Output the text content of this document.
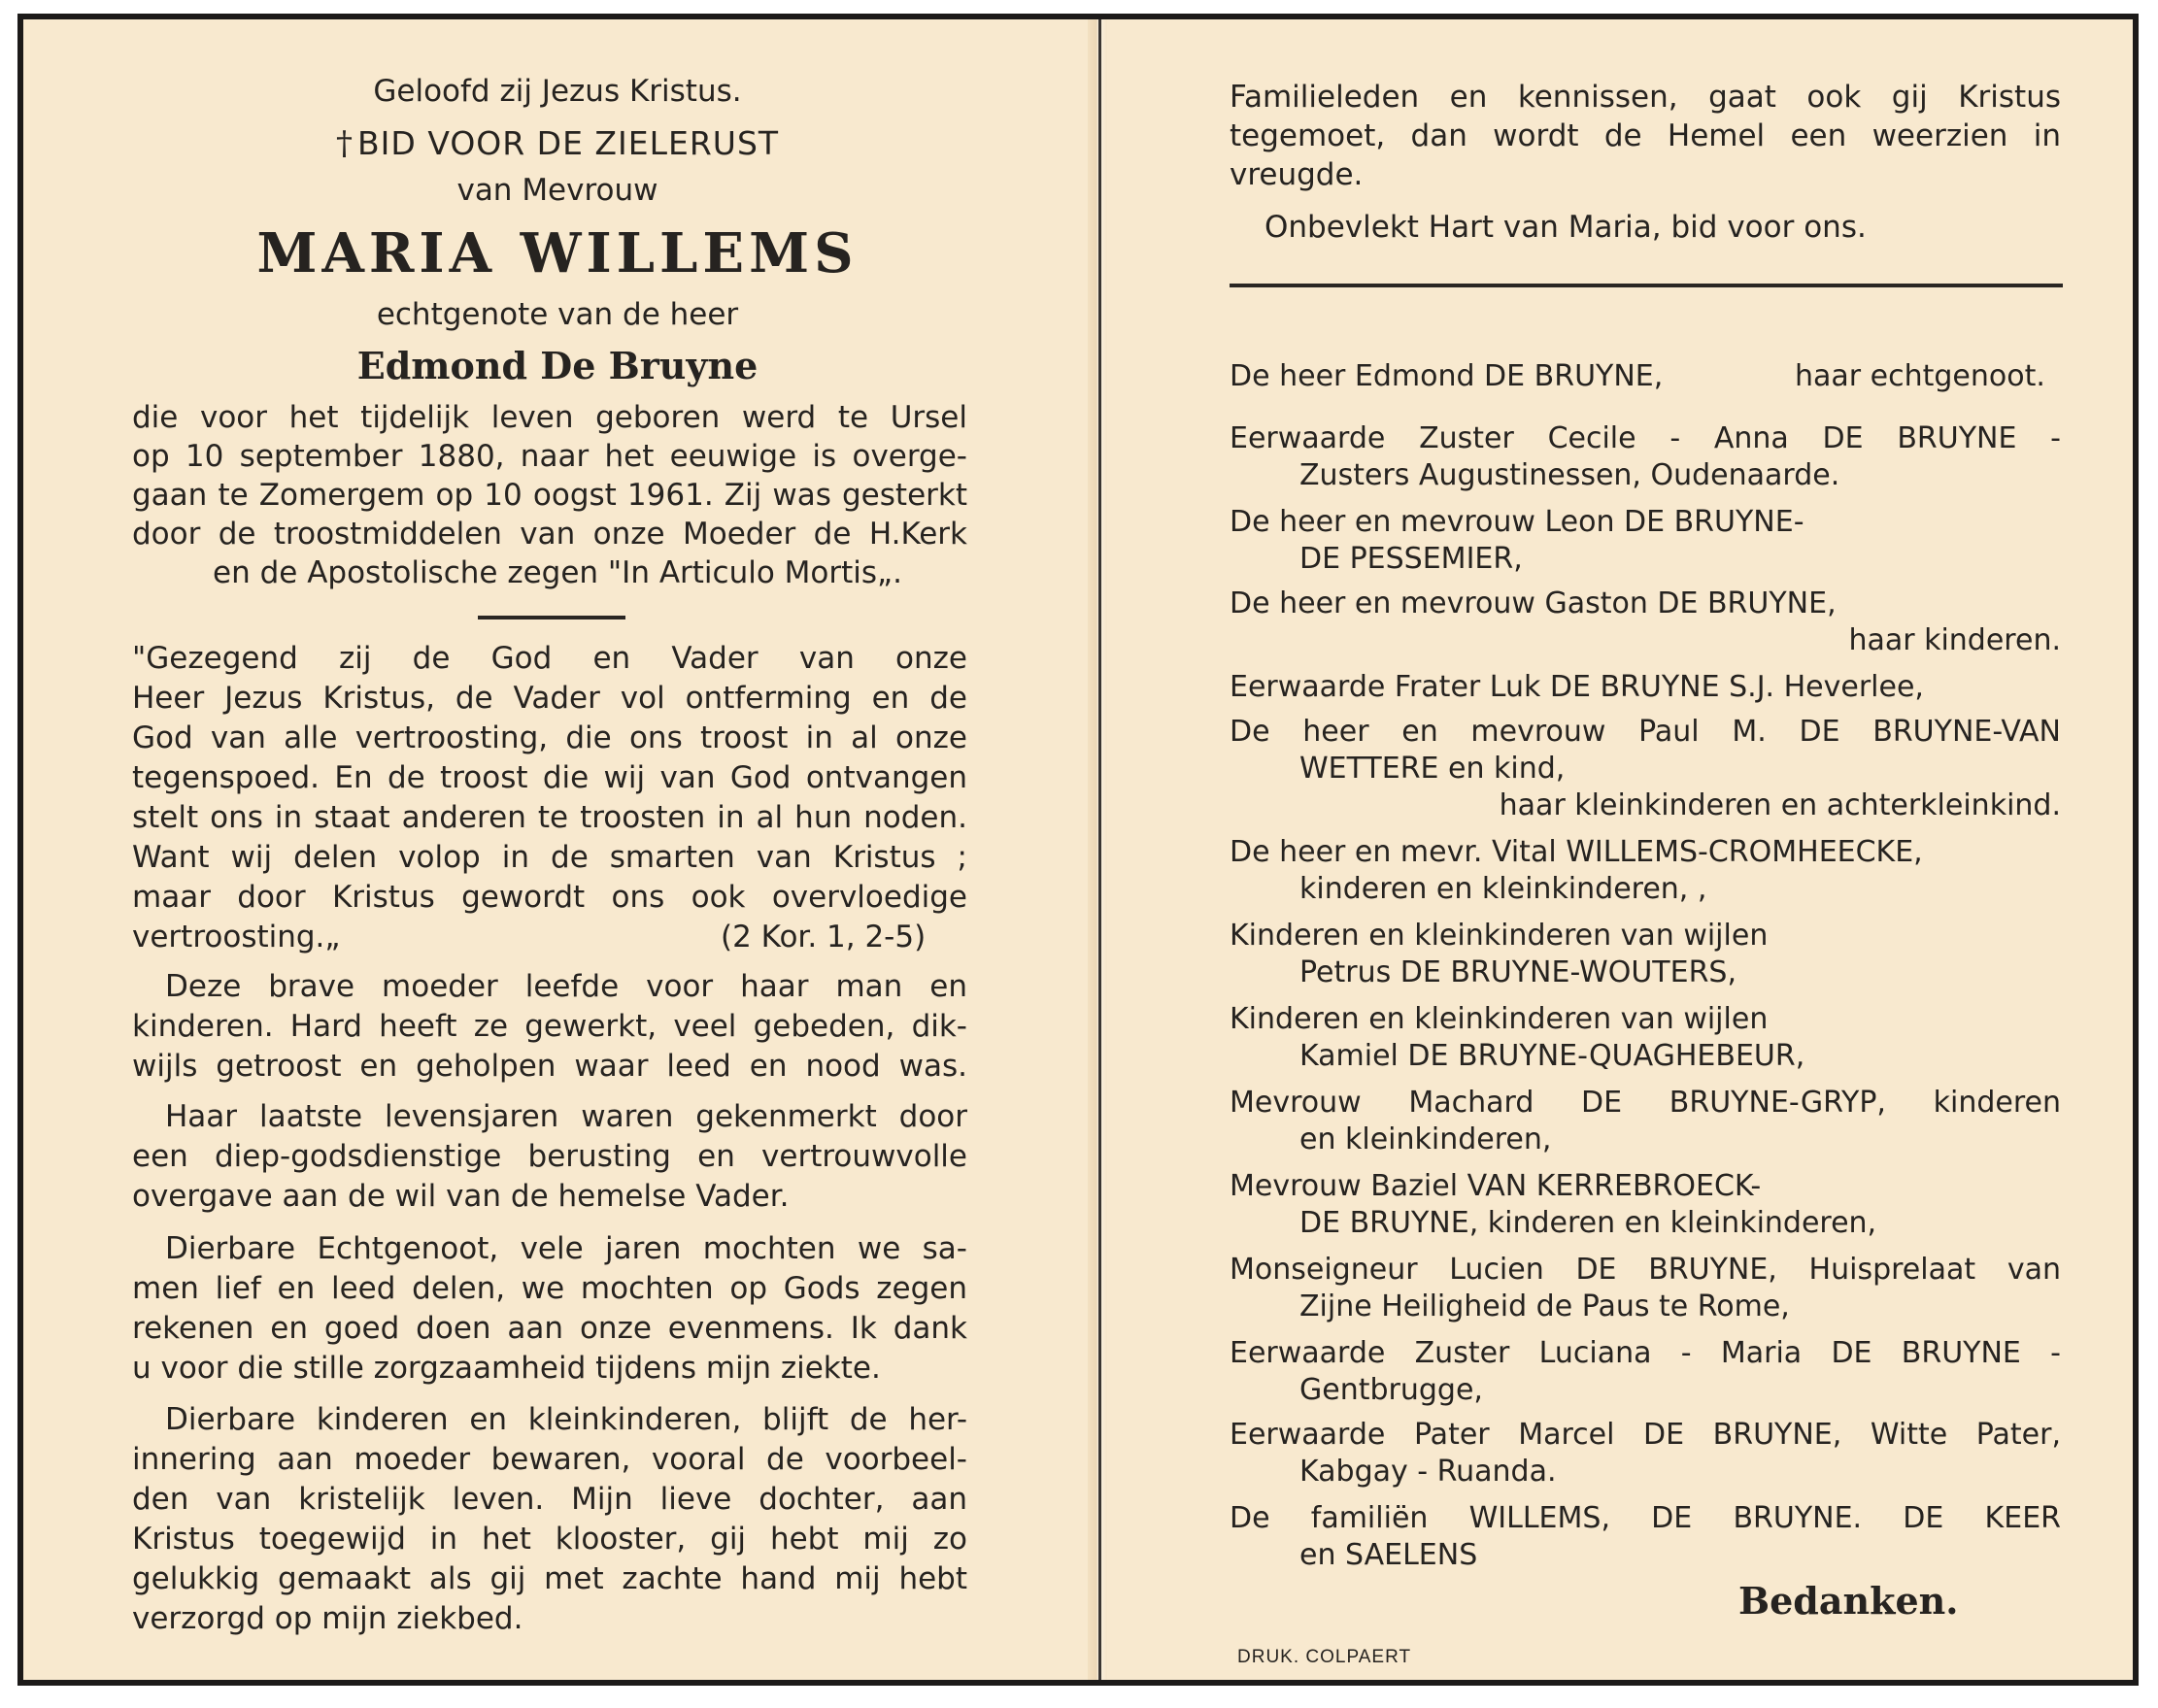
Geloofd zij Jezus Kristus.

† BID VOOR DE ZIELERUST

van Mevrouw

MARIA WILLEMS

echtgenote van de heer

Edmond De Bruyne

die voor het tijdelijk leven geboren werd te Ursel

op 10 september 1880, naar het eeuwige is overge-

gaan te Zomergem op 10 oogst 1961. Zij was gesterkt

door de troostmiddelen van onze Moeder de H.Kerk

en de Apostolische zegen "In Articulo Mortis„.

"Gezegend zij de God en Vader van onze

Heer Jezus Kristus, de Vader vol ontferming en de

God van alle vertroosting, die ons troost in al onze

tegenspoed. En de troost die wij van God ontvangen

stelt ons in staat anderen te troosten in al hun noden.

Want wij delen volop in de smarten van Kristus ;

maar door Kristus gewordt ons ook overvloedige

vertroosting.„	(2 Kor. 1, 2-5)

Deze brave moeder leefde voor haar man en

kinderen. Hard heeft ze gewerkt, veel gebeden, dik-

wijls getroost en geholpen waar leed en nood was.

Haar laatste levensjaren waren gekenmerkt door

een diep-godsdienstige berusting en vertrouwvolle

overgave aan de wil van de hemelse Vader.

Dierbare Echtgenoot, vele jaren mochten we sa-

men lief en leed delen, we mochten op Gods zegen

rekenen en goed doen aan onze evenmens. Ik dank

u voor die stille zorgzaamheid tijdens mijn ziekte.

Dierbare kinderen en kleinkinderen, blijft de her-

innering aan moeder bewaren, vooral de voorbeel-

den van kristelijk leven. Mijn lieve dochter, aan

Kristus toegewijd in het klooster, gij hebt mij zo

gelukkig gemaakt als gij met zachte hand mij hebt

verzorgd op mijn ziekbed.

Familieleden en kennissen, gaat ook gij Kristus

tegemoet, dan wordt de Hemel een weerzien in

vreugde.

Onbevlekt Hart van Maria, bid voor ons.

De heer Edmond DE BRUYNE,	haar echtgenoot.

Eerwaarde Zuster Cecile - Anna DE BRUYNE -

Zusters Augustinessen, Oudenaarde.

De heer en mevrouw Leon DE BRUYNE-

DE PESSEMIER,

De heer en mevrouw Gaston DE BRUYNE,

haar kinderen.

Eerwaarde Frater Luk DE BRUYNE S.J. Heverlee,

De heer en mevrouw Paul M. DE BRUYNE-VAN

WETTERE en kind,

haar kleinkinderen en achterkleinkind.

De heer en mevr. Vital WILLEMS-CROMHEECKE,

kinderen en kleinkinderen, ,

Kinderen en kleinkinderen van wijlen

Petrus DE BRUYNE-WOUTERS,

Kinderen en kleinkinderen van wijlen

Kamiel DE BRUYNE-QUAGHEBEUR,

Mevrouw Machard DE BRUYNE-GRYP, kinderen

en kleinkinderen,

Mevrouw Baziel VAN KERREBROECK-

DE BRUYNE, kinderen en kleinkinderen,

Monseigneur Lucien DE BRUYNE, Huisprelaat van

Zijne Heiligheid de Paus te Rome,

Eerwaarde Zuster Luciana - Maria DE BRUYNE -

Gentbrugge,

Eerwaarde Pater Marcel DE BRUYNE, Witte Pater,

Kabgay - Ruanda.

De familiën WILLEMS, DE BRUYNE. DE KEER

en SAELENS

Bedanken.

DRUK. COLPAERT
